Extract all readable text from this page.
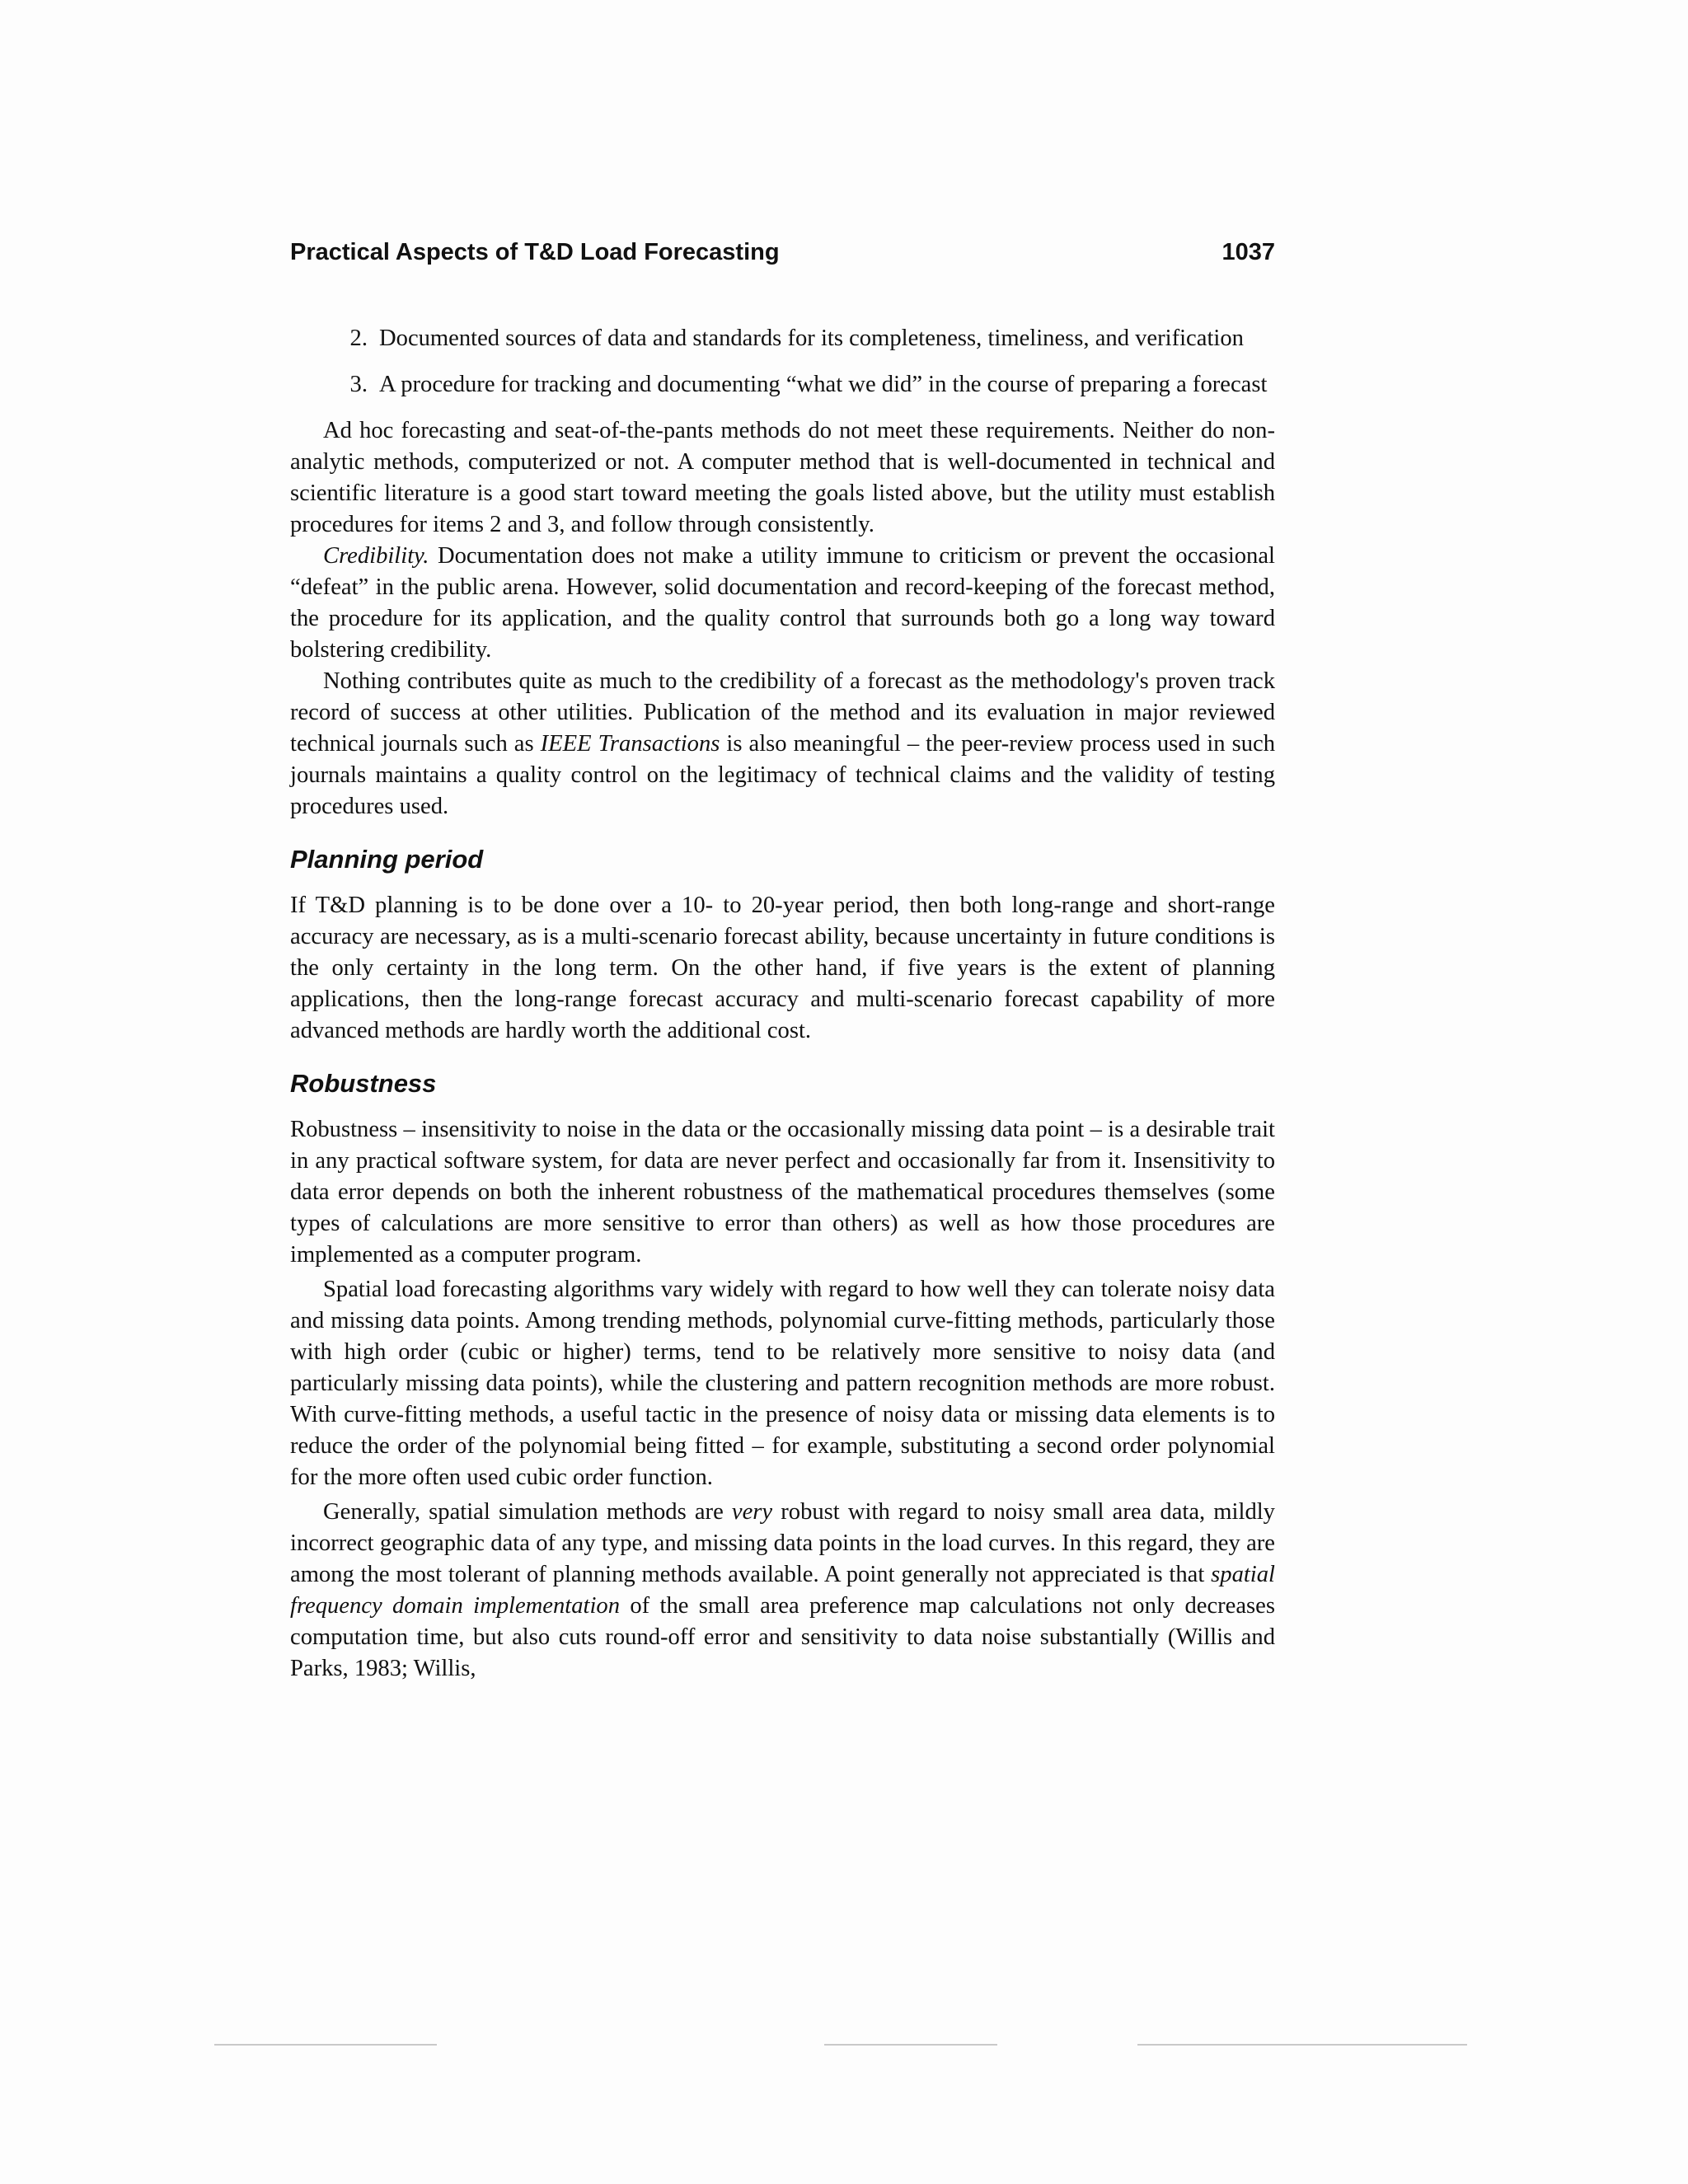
Practical Aspects of T&D Load Forecasting	1037
2. Documented sources of data and standards for its completeness, timeliness, and verification
3. A procedure for tracking and documenting “what we did” in the course of preparing a forecast

Ad hoc forecasting and seat-of-the-pants methods do not meet these requirements. Neither do non-analytic methods, computerized or not. A computer method that is well-documented in technical and scientific literature is a good start toward meeting the goals listed above, but the utility must establish procedures for items 2 and 3, and follow through consistently.

Credibility. Documentation does not make a utility immune to criticism or prevent the occasional “defeat” in the public arena. However, solid documentation and record-keeping of the forecast method, the procedure for its application, and the quality control that surrounds both go a long way toward bolstering credibility.

Nothing contributes quite as much to the credibility of a forecast as the methodology's proven track record of success at other utilities. Publication of the method and its evaluation in major reviewed technical journals such as IEEE Transactions is also meaningful – the peer-review process used in such journals maintains a quality control on the legitimacy of technical claims and the validity of testing procedures used.

Planning period

If T&D planning is to be done over a 10- to 20-year period, then both long-range and short-range accuracy are necessary, as is a multi-scenario forecast ability, because uncertainty in future conditions is the only certainty in the long term. On the other hand, if five years is the extent of planning applications, then the long-range forecast accuracy and multi-scenario forecast capability of more advanced methods are hardly worth the additional cost.

Robustness

Robustness – insensitivity to noise in the data or the occasionally missing data point – is a desirable trait in any practical software system, for data are never perfect and occasionally far from it. Insensitivity to data error depends on both the inherent robustness of the mathematical procedures themselves (some types of calculations are more sensitive to error than others) as well as how those procedures are implemented as a computer program.

Spatial load forecasting algorithms vary widely with regard to how well they can tolerate noisy data and missing data points. Among trending methods, polynomial curve-fitting methods, particularly those with high order (cubic or higher) terms, tend to be relatively more sensitive to noisy data (and particularly missing data points), while the clustering and pattern recognition methods are more robust. With curve-fitting methods, a useful tactic in the presence of noisy data or missing data elements is to reduce the order of the polynomial being fitted – for example, substituting a second order polynomial for the more often used cubic order function.

Generally, spatial simulation methods are very robust with regard to noisy small area data, mildly incorrect geographic data of any type, and missing data points in the load curves. In this regard, they are among the most tolerant of planning methods available. A point generally not appreciated is that spatial frequency domain implementation of the small area preference map calculations not only decreases computation time, but also cuts round-off error and sensitivity to data noise substantially (Willis and Parks, 1983; Willis,
